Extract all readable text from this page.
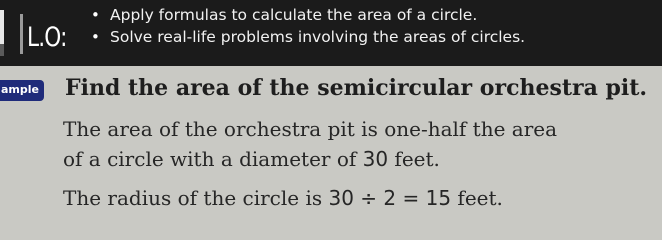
L.O:
• Apply formulas to calculate the area of a circle.
• Solve real-life problems involving the areas of circles.
ample Find the area of the semicircular orchestra pit.
The area of the orchestra pit is one-half the area
of a circle with a diameter of 30 feet.
The radius of the circle is 30 ÷ 2 = 15 feet.
